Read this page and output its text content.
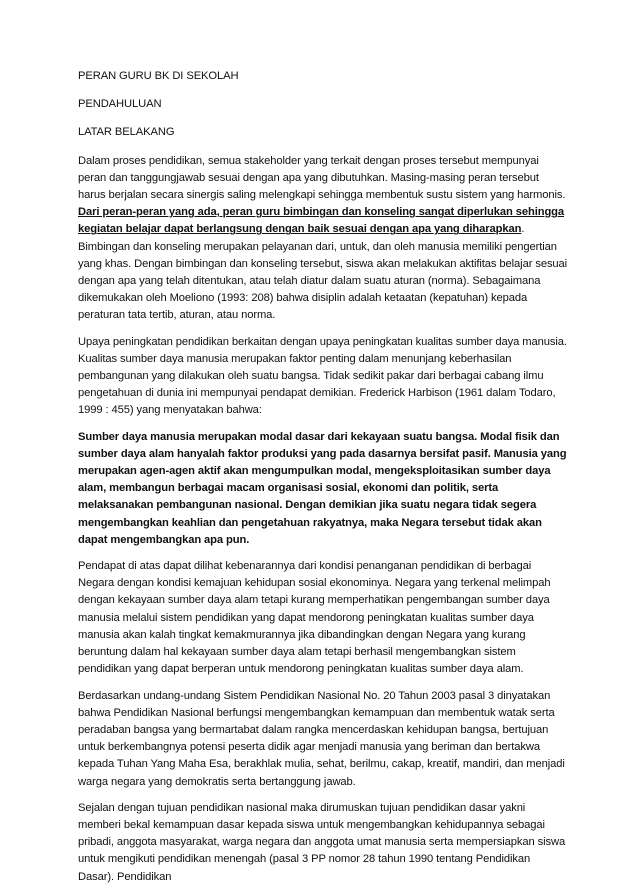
PERAN GURU BK DI SEKOLAH
PENDAHULUAN
LATAR BELAKANG

Dalam proses pendidikan, semua stakeholder yang terkait dengan proses tersebut mempunyai peran dan tanggungjawab sesuai dengan apa yang dibutuhkan. Masing-masing peran tersebut harus berjalan secara sinergis saling melengkapi sehingga membentuk sustu sistem yang harmonis. Dari peran-peran yang ada, peran guru bimbingan dan konseling sangat diperlukan sehingga kegiatan belajar dapat berlangsung dengan baik sesuai dengan apa yang diharapkan. Bimbingan dan konseling merupakan pelayanan dari, untuk, dan oleh manusia memiliki pengertian yang khas. Dengan bimbingan dan konseling tersebut, siswa akan melakukan aktifitas belajar sesuai dengan apa yang telah ditentukan, atau telah diatur dalam suatu aturan (norma). Sebagaimana dikemukakan oleh Moeliono (1993: 208) bahwa disiplin adalah ketaatan (kepatuhan) kepada peraturan tata tertib, aturan, atau norma.

Upaya peningkatan pendidikan berkaitan dengan upaya peningkatan kualitas sumber daya manusia. Kualitas sumber daya manusia merupakan faktor penting dalam menunjang keberhasilan pembangunan yang dilakukan oleh suatu bangsa. Tidak sedikit pakar dari berbagai cabang ilmu pengetahuan di dunia ini mempunyai pendapat demikian. Frederick Harbison (1961 dalam Todaro, 1999 : 455) yang menyatakan bahwa:

Sumber daya manusia merupakan modal dasar dari kekayaan suatu bangsa. Modal fisik dan sumber daya alam hanyalah faktor produksi yang pada dasarnya bersifat pasif. Manusia yang merupakan agen-agen aktif akan mengumpulkan modal, mengeksploitasikan sumber daya alam, membangun berbagai macam organisasi sosial, ekonomi dan politik, serta melaksanakan pembangunan nasional. Dengan demikian jika suatu negara tidak segera mengembangkan keahlian dan pengetahuan rakyatnya, maka Negara tersebut tidak akan dapat mengembangkan apa pun.

Pendapat di atas dapat dilihat kebenarannya dari kondisi penanganan pendidikan di berbagai Negara dengan kondisi kemajuan kehidupan sosial ekonominya. Negara yang terkenal melimpah dengan kekayaan sumber daya alam tetapi kurang memperhatikan pengembangan sumber daya manusia melalui sistem pendidikan yang dapat mendorong peningkatan kualitas sumber daya manusia akan kalah tingkat kemakmurannya jika dibandingkan dengan Negara yang kurang beruntung dalam hal kekayaan sumber daya alam tetapi berhasil mengembangkan sistem pendidikan yang dapat berperan untuk mendorong peningkatan kualitas sumber daya alam.

Berdasarkan undang-undang Sistem Pendidikan Nasional No. 20 Tahun 2003 pasal 3 dinyatakan bahwa Pendidikan Nasional berfungsi mengembangkan kemampuan dan membentuk watak serta peradaban bangsa yang bermartabat dalam rangka mencerdaskan kehidupan bangsa, bertujuan untuk berkembangnya potensi peserta didik agar menjadi manusia yang beriman dan bertakwa kepada Tuhan Yang Maha Esa, berakhlak mulia, sehat, berilmu, cakap, kreatif, mandiri, dan menjadi warga negara yang demokratis serta bertanggung jawab.

Sejalan dengan tujuan pendidikan nasional maka dirumuskan tujuan pendidikan dasar yakni memberi bekal kemampuan dasar kepada siswa untuk mengembangkan kehidupannya sebagai pribadi, anggota masyarakat, warga negara dan anggota umat manusia serta mempersiapkan siswa untuk mengikuti pendidikan menengah (pasal 3 PP nomor 28 tahun 1990 tentang Pendidikan Dasar). Pendidikan
